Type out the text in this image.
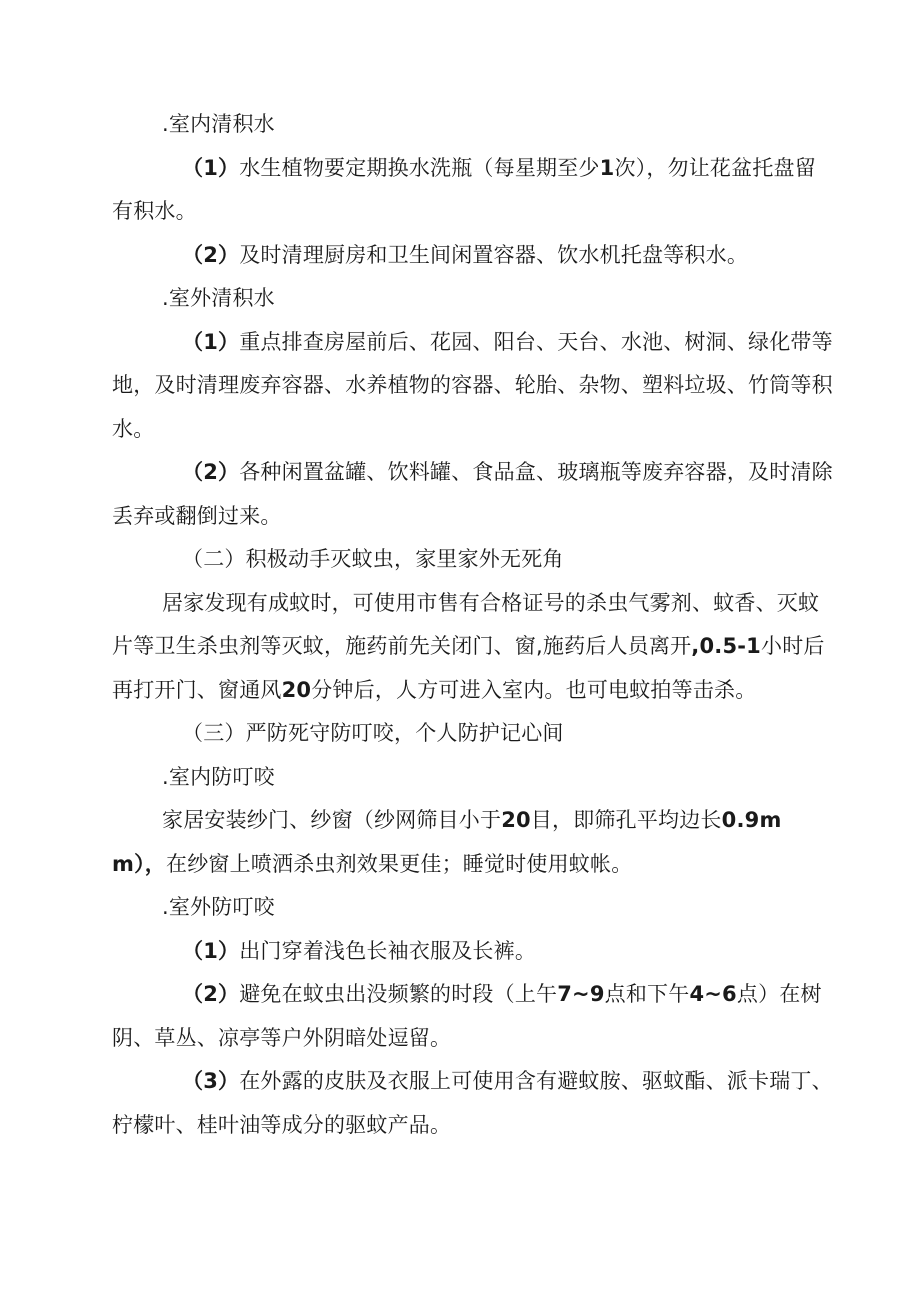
.室内清积水

（1）水生植物要定期换水洗瓶（每星期至少1次），勿让花盆托盘留有积水。

（2）及时清理厨房和卫生间闲置容器、饮水机托盘等积水。

.室外清积水

（1）重点排查房屋前后、花园、阳台、天台、水池、树洞、绿化带等地，及时清理废弃容器、水养植物的容器、轮胎、杂物、塑料垃圾、竹筒等积水。

（2）各种闲置盆罐、饮料罐、食品盒、玻璃瓶等废弃容器，及时清除丢弃或翻倒过来。

（二）积极动手灭蚊虫，家里家外无死角

居家发现有成蚊时，可使用市售有合格证号的杀虫气雾剂、蚊香、灭蚊片等卫生杀虫剂等灭蚊，施药前先关闭门、窗,施药后人员离开,0.5-1小时后再打开门、窗通风20分钟后，人方可进入室内。也可电蚊拍等击杀。

（三）严防死守防叮咬，个人防护记心间

.室内防叮咬

家居安装纱门、纱窗（纱网筛目小于20目，即筛孔平均边长0.9mm），在纱窗上喷洒杀虫剂效果更佳；睡觉时使用蚊帐。

.室外防叮咬

（1）出门穿着浅色长袖衣服及长裤。

（2）避免在蚊虫出没频繁的时段（上午7~9点和下午4~6点）在树阴、草丛、凉亭等户外阴暗处逗留。

（3）在外露的皮肤及衣服上可使用含有避蚊胺、驱蚊酯、派卡瑞丁、柠檬叶、桂叶油等成分的驱蚊产品。
